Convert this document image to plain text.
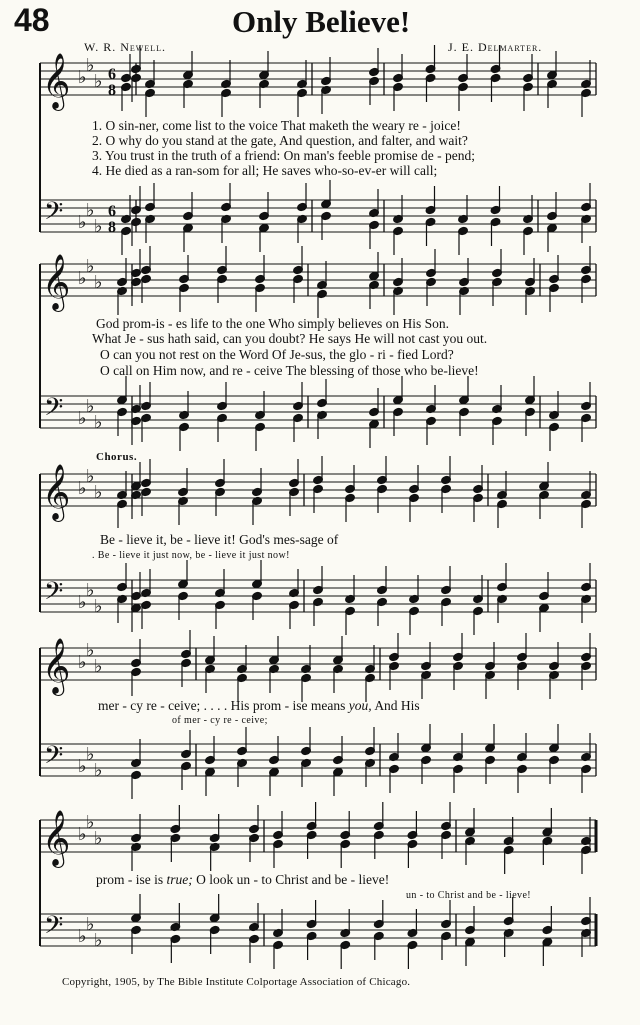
48	Only Believe!
W. R. Newell.	J. E. Delmarter.
𝄞
𝄢
♭
♭
♭
♭
♭
♭
6
8
6
8
𝄞
𝄢
♭
♭
♭
♭
♭
♭
𝄞
𝄢
♭
♭
♭
♭
♭
♭
𝄞
𝄢
♭
♭
♭
♭
♭
♭
𝄞
𝄢
♭
♭
♭
♭
♭
♭
1. O sin-ner, come list to the voice That maketh the weary re - joice!
2. O why do you stand at the gate, And question, and falter, and wait?
3. You trust in the truth of a friend: On man's feeble promise de - pend;
4. He died as a ran-som for all; He saves who-so-ev-er will call;
God prom-is - es life to the one Who simply believes on His Son.
What Je - sus hath said, can you doubt? He says He will not cast you out.
O can you not rest on the Word Of Je-sus, the glo - ri - fied Lord?
O call on Him now, and re - ceive The blessing of those who be-lieve!
Chorus.
Be - lieve it, be - lieve it! God's mes-sage of
. Be - lieve it just now, be - lieve it just now!
mer - cy re - ceive; . . . . His prom - ise means you, And His
of mer - cy re - ceive;
prom - ise is true; O look un - to Christ and be - lieve!
un - to Christ and be - lieve!
Copyright, 1905, by The Bible Institute Colportage Association of Chicago.
